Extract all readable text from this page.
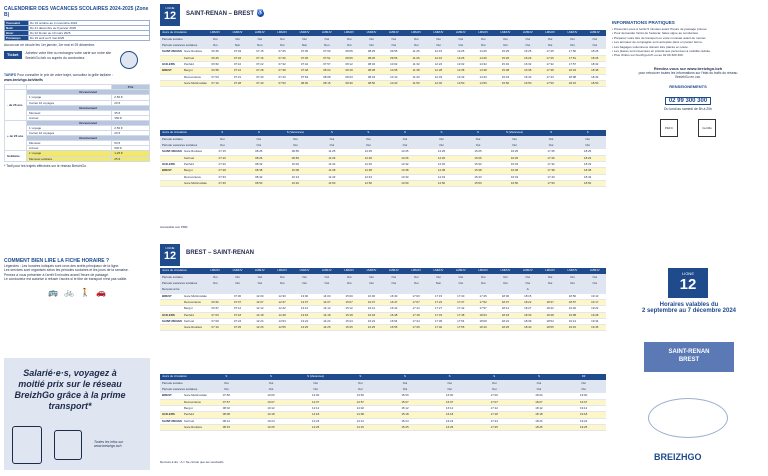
CALENDRIER DES VACANCES SCOLAIRES 2024-2025 (Zone B)
Toussaint	Du 19 octobre au 4 novembre 2024
Noël	Du 21 décembre au 6 janvier 2025
Hiver	Du 22 février au 10 mars 2025
Printemps	Du 19 avril au 5 mai 2025
Aucun car ne circule les 1er janvier, 1er mai et 25 décembre.
Ticket	Achetez votre titre ou rechargez votre carte sur notre site BreizhGo.bzh ou auprès du conducteur.
TARIFS Pour connaître le prix de votre trajet, consultez la grille tarifaire : www.breizhgo.bzh/tarifs
		Prix
- de 26 ans	Occasionnel	
	1 voyage	2,50 €
	Carnet 10 voyages	20 €
	Abonnement	
	Mensuel	35 €
	Annuel	350 €
+ de 26 ans	Occasionnel	
	1 voyage	2,50 €
	Carnet 10 voyages	20 €
	Abonnement	
	Mensuel	50 €
	Annuel	500 €
Solidaire	1 voyage	1,25 €
	Mensuel solidaire	25 €
* Tarif pour les trajets effectués sur le réseau BreizhGo.
COMMENT BIEN LIRE LA FICHE HORAIRE ?
Légendes : Les horaires indiqués sont ceux des arrêts principaux de la ligne.
Les services sont organisés selon les périodes scolaires et les jours de la semaine.
Pensez à vous présenter à l'arrêt 5 minutes avant l'heure de passage.
Le conducteur est autorisé à refuser l'accès si le titre de transport n'est pas valide.
🚌 🚲 🚶 🚗
Salarié·e·s, voyagez à moitié prix sur le réseau BreizhGo grâce à la prime transport*
Toutes les infos sur www.breizhgo.bzh
LIGNE
12	SAINT-RENAN – BREST ♿
Jours de circulation		LMMJV	LMMJV	LMMJV	LMMJV	LMMJV	LMMJV	LMMJV	LMMJV	LMMJV	LMMJV	LMMJV	LMMJV	LMMJV	LMMJV	LMMJV	LMMJV	LMMJV	LMMJV
Période scolaire		Oui	Oui	Oui	Oui	Oui	Oui	Oui	Oui	Oui	Oui	Oui	Oui	Oui	Oui	Oui	Oui	Oui	Oui
Période vacances scolaires		Oui	Non	Non	Oui	Non	Non	Oui	Oui	Oui	Oui	Oui	Oui	Oui	Oui	Oui	Oui	Oui	Oui
SAINT-RENAN	Gare Routière	06:45	07:03	07:15	07:25	07:35	07:50	08:05	08:25	09:55	11:25	12:15	13:25	14:25	15:25	16:25	17:25	17:50	18:25
	Kerhuel	06:46	07:04	07:16	07:26	07:36	07:51	08:06	08:26	09:56	11:26	12:16	13:26	14:26	15:26	16:26	17:26	17:51	18:26
GUILERS	Penfeld	06:52	07:10	07:22	07:32	07:42	07:57	08:12	08:32	10:02	11:32	12:22	13:32	14:32	15:32	16:32	17:32	17:57	18:32
BREST	Bergot	06:58	07:16	07:28	07:38	07:48	08:03	08:18	08:38	10:08	11:38	12:28	13:38	14:38	15:38	16:38	17:38	18:03	18:38
	Recouvrance	07:03	07:21	07:33	07:43	07:53	08:08	08:23	08:43	10:13	11:43	12:33	13:43	14:43	15:43	16:43	17:43	18:08	18:43
	Gare Multimodale	07:10	07:28	07:40	07:50	08:00	08:15	08:30	08:50	10:20	11:50	12:40	13:50	14:50	15:50	16:50	17:50	18:15	18:50
Jours de circulation		S	S	S (Vacances)	S	S	S	S	S	S (Vacances)	S	S
Période scolaire		Oui	Oui	Oui	Oui	Oui	Oui	Oui	Oui	Oui	Oui	Oui
Période vacances scolaires		Oui	Oui	Oui	Oui	Oui	Oui	Oui	Oui	Oui	Oui	Oui
SAINT-RENAN	Gare Routière	07:15	08:25	09:55	11:25	12:25	13:25	14:25	15:25	16:25	17:25	18:25
	Kerhuel	07:16	08:26	09:56	11:26	12:26	13:26	14:26	15:26	16:26	17:26	18:26
GUILERS	Penfeld	07:22	08:32	10:02	11:32	12:32	13:32	14:32	15:32	16:32	17:32	18:32
BREST	Bergot	07:28	08:38	10:08	11:38	12:38	13:38	14:38	15:38	16:38	17:38	18:38
	Recouvrance	07:33	08:43	10:13	11:43	12:43	13:43	14:43	15:43	16:43	17:43	18:43
	Gare Multimodale	07:40	08:50	10:20	11:50	12:50	13:50	14:50	15:50	16:50	17:50	18:50
Accessible aux PMR
LIGNE
12	BREST – SAINT-RENAN
Jours de circulation		LMMJV	LMMJV	LMMJV	LMMJV	LMMJV	LMMJV	LMMJV	LMMJV	LMMJV	LMMJV	LMMJV	LMMJV	LMMJV	LMMJV	LMMJV	LMMJV	LMMJV	LMMJV
Période scolaire		Oui	Oui	Oui	Oui	Oui	Oui	Oui	Oui	Oui	Oui	Oui	Oui	Oui	Oui	Oui	Oui	Oui	Oui
Période vacances scolaires		Oui	Oui	Oui	Oui	Oui	Oui	Oui	Oui	Oui	Oui	Non	Oui	Oui	Oui	Oui	Oui	Oui	Oui
Renvois à lire																A			
BREST	Gare Multimodale		07:00	12:00	12:30	13:00	14:00	15:00	16:00	16:30	17:00	17:15	17:30	17:45	18:00	18:15		18:50	19:10
	Recouvrance	06:52	07:07	12:07	12:37	13:07	14:07	15:07	16:07	16:37	17:07	17:22	17:37	17:52	18:07	18:22	18:37	18:57	19:17
	Bergot	06:57	07:12	12:12	12:42	13:12	14:12	15:12	16:12	16:42	17:12	17:27	17:42	17:57	18:12	18:27	18:42	19:02	19:22
GUILERS	Penfeld	07:03	07:18	12:18	12:48	13:18	14:18	15:18	16:18	16:48	17:18	17:33	17:48	18:03	18:18	18:33	18:48	19:08	19:28
SAINT-RENAN	Kerhuel	07:09	07:24	12:24	12:54	13:24	14:24	15:24	16:24	16:54	17:24	17:39	17:54	18:09	18:24	18:39	18:54	19:14	19:34
	Gare Routière	07:10	07:25	12:25	12:55	13:25	14:25	15:25	16:25	16:55	17:25	17:40	17:55	18:10	18:25	18:40	18:55	19:15	19:35
Jours de circulation		S	S	S (Vacances)	S	S	S	S	S	DF
Période scolaire		Oui	Oui	Oui	Oui	Oui	Oui	Oui	Oui	Oui
Période vacances scolaires		Oui	Oui	Oui	Oui	Oui	Oui	Oui	Oui	Oui
BREST	Gare Multimodale	07:50	10:00	12:00	13:50	15:00	16:00	17:00	18:00	19:00
	Recouvrance	07:57	10:07	12:07	13:57	15:07	16:07	17:07	18:07	19:07
	Bergot	08:02	10:12	12:12	14:02	15:12	16:12	17:12	18:12	19:12
GUILERS	Penfeld	08:08	10:18	12:18	14:08	15:18	16:18	17:18	18:18	19:18
SAINT-RENAN	Kerhuel	08:14	10:24	12:24	14:14	15:24	16:24	17:24	18:24	19:24
	Gare Routière	08:15	10:25	12:25	14:15	15:25	16:25	17:25	18:25	19:25
Renvois à lire : A = Ne circule que les vendredis
INFORMATIONS PRATIQUES
• Présentez-vous à l'arrêt 5 minutes avant l'heure de passage prévue.
• Pour demander l'arrêt de l'autocar, faites signe au conducteur.
• Préparez votre titre de transport ou votre monnaie avant de monter.
• Les animaux de compagnie sont acceptés dans un panier fermé.
• Les bagages volumineux doivent être placés en soute.
• Les places sont réservées en priorité aux personnes à mobilité réduite.
• Plus d'infos sur breizhgo.bzh ou au 02 99 300 300.
Rendez-vous sur www.breizhgo.bzh
pour retrouver toutes les informations sur l'état du trafic du réseau BreizhGo en car.
RENSEIGNEMENTS
02 99 300 300
Du lundi au samedi de 8h à 20h
PEFC	Certifié
LIGNE
12
Horaires valables du
2 septembre au 7 décembre 2024
SAINT-RENAN
BREST
BREIZHGO
